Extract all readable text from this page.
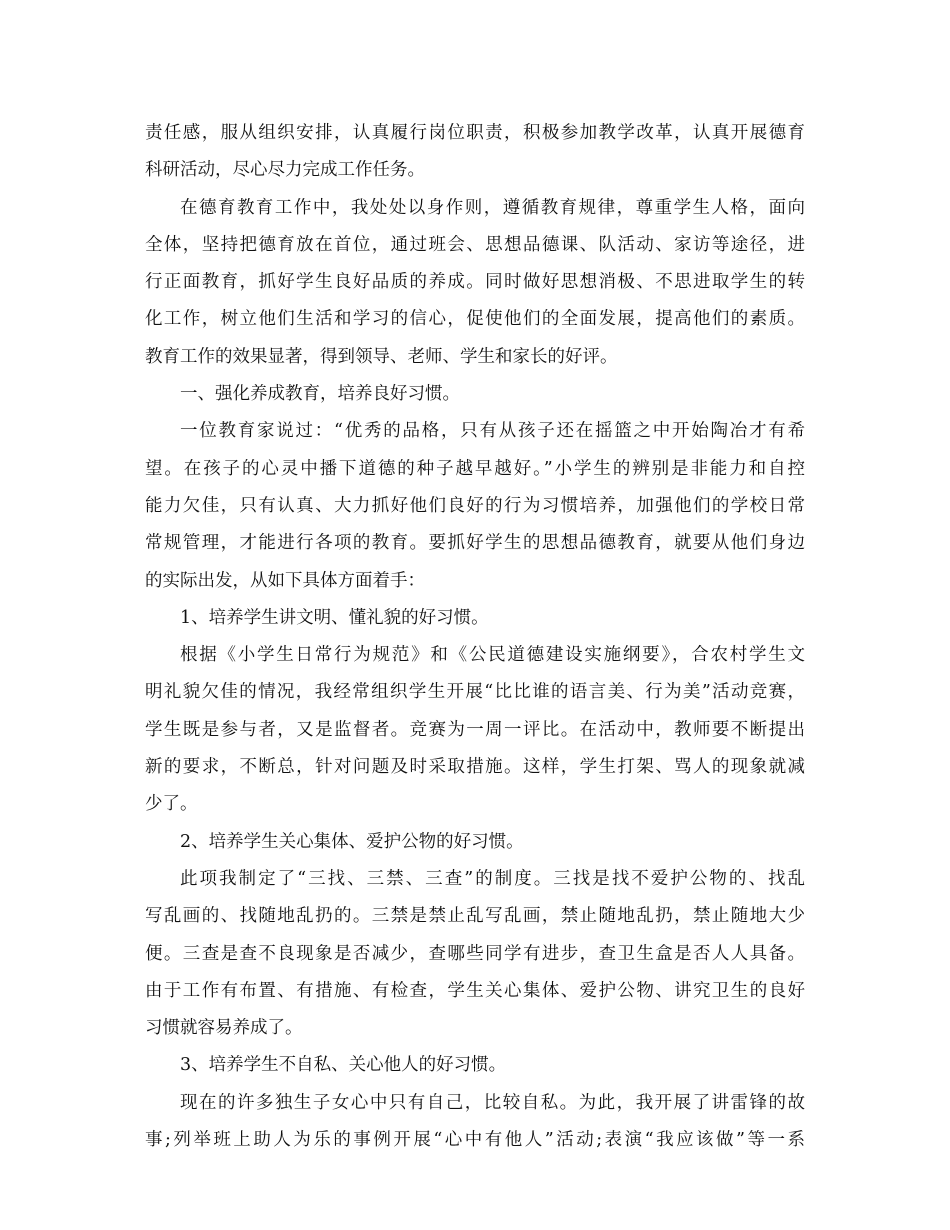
责任感，服从组织安排，认真履行岗位职责，积极参加教学改革，认真开展德育
科研活动，尽心尽力完成工作任务。
在德育教育工作中，我处处以身作则，遵循教育规律，尊重学生人格，面向
全体，坚持把德育放在首位，通过班会、思想品德课、队活动、家访等途径，进
行正面教育，抓好学生良好品质的养成。同时做好思想消极、不思进取学生的转
化工作，树立他们生活和学习的信心，促使他们的全面发展，提高他们的素质。
教育工作的效果显著，得到领导、老师、学生和家长的好评。
一、强化养成教育，培养良好习惯。
一位教育家说过：“优秀的品格，只有从孩子还在摇篮之中开始陶冶才有希
望。在孩子的心灵中播下道德的种子越早越好。”小学生的辨别是非能力和自控
能力欠佳，只有认真、大力抓好他们良好的行为习惯培养，加强他们的学校日常
常规管理，才能进行各项的教育。要抓好学生的思想品德教育，就要从他们身边
的实际出发，从如下具体方面着手：
1、培养学生讲文明、懂礼貌的好习惯。
根据《小学生日常行为规范》和《公民道德建设实施纲要》，合农村学生文
明礼貌欠佳的情况，我经常组织学生开展“比比谁的语言美、行为美”活动竞赛，
学生既是参与者，又是监督者。竞赛为一周一评比。在活动中，教师要不断提出
新的要求，不断总，针对问题及时采取措施。这样，学生打架、骂人的现象就减
少了。
2、培养学生关心集体、爱护公物的好习惯。
此项我制定了“三找、三禁、三查”的制度。三找是找不爱护公物的、找乱
写乱画的、找随地乱扔的。三禁是禁止乱写乱画，禁止随地乱扔，禁止随地大少
便。三查是查不良现象是否减少，查哪些同学有进步，查卫生盒是否人人具备。
由于工作有布置、有措施、有检查，学生关心集体、爱护公物、讲究卫生的良好
习惯就容易养成了。
3、培养学生不自私、关心他人的好习惯。
现在的许多独生子女心中只有自己，比较自私。为此，我开展了讲雷锋的故
事;列举班上助人为乐的事例开展“心中有他人”活动;表演“我应该做”等一系
